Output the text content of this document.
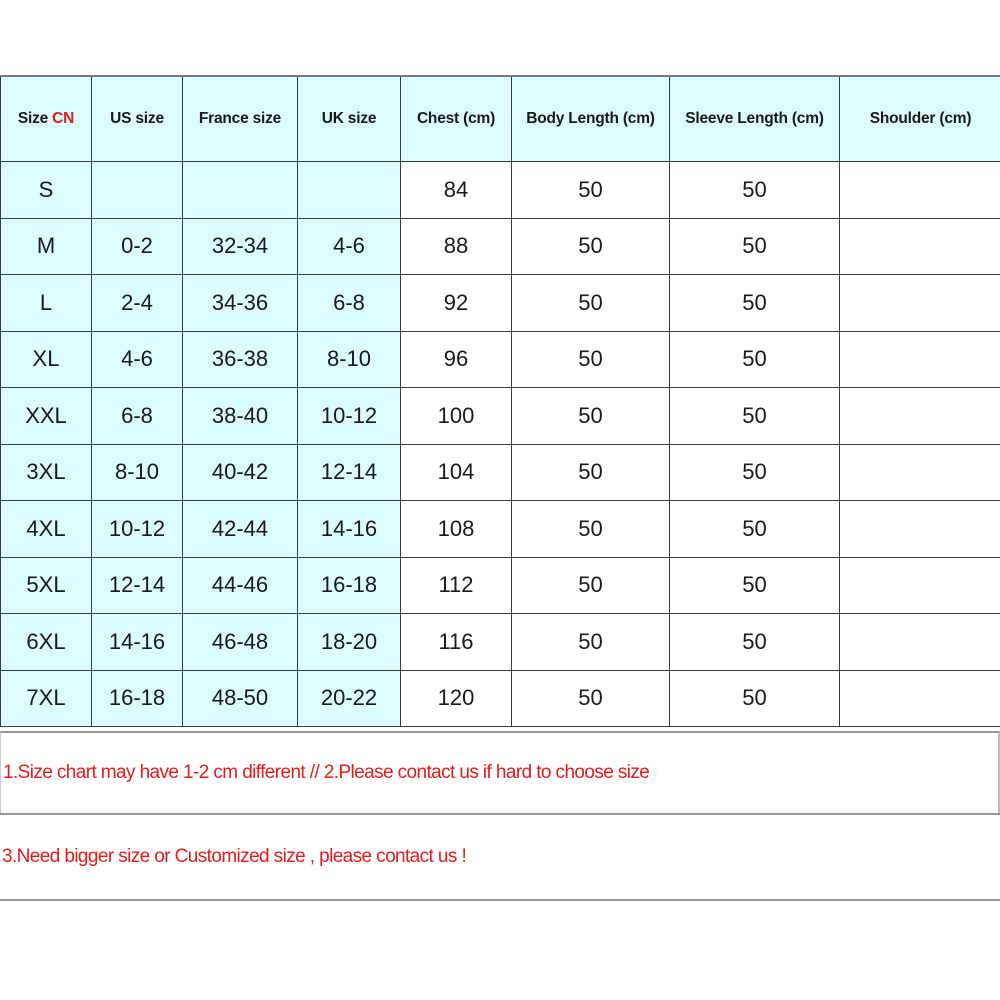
Size CN	US size	France size	UK size	Chest (cm)	Body Length (cm)	Sleeve Length (cm)	Shoulder (cm)
S				84	50	50	
M	0-2	32-34	4-6	88	50	50	
L	2-4	34-36	6-8	92	50	50	
XL	4-6	36-38	8-10	96	50	50	
XXL	6-8	38-40	10-12	100	50	50	
3XL	8-10	40-42	12-14	104	50	50	
4XL	10-12	42-44	14-16	108	50	50	
5XL	12-14	44-46	16-18	112	50	50	
6XL	14-16	46-48	18-20	116	50	50	
7XL	16-18	48-50	20-22	120	50	50	
1.Size chart may have 1-2 cm different // 2.Please contact us if hard to choose size
3.Need bigger size or Customized size , please contact us !
